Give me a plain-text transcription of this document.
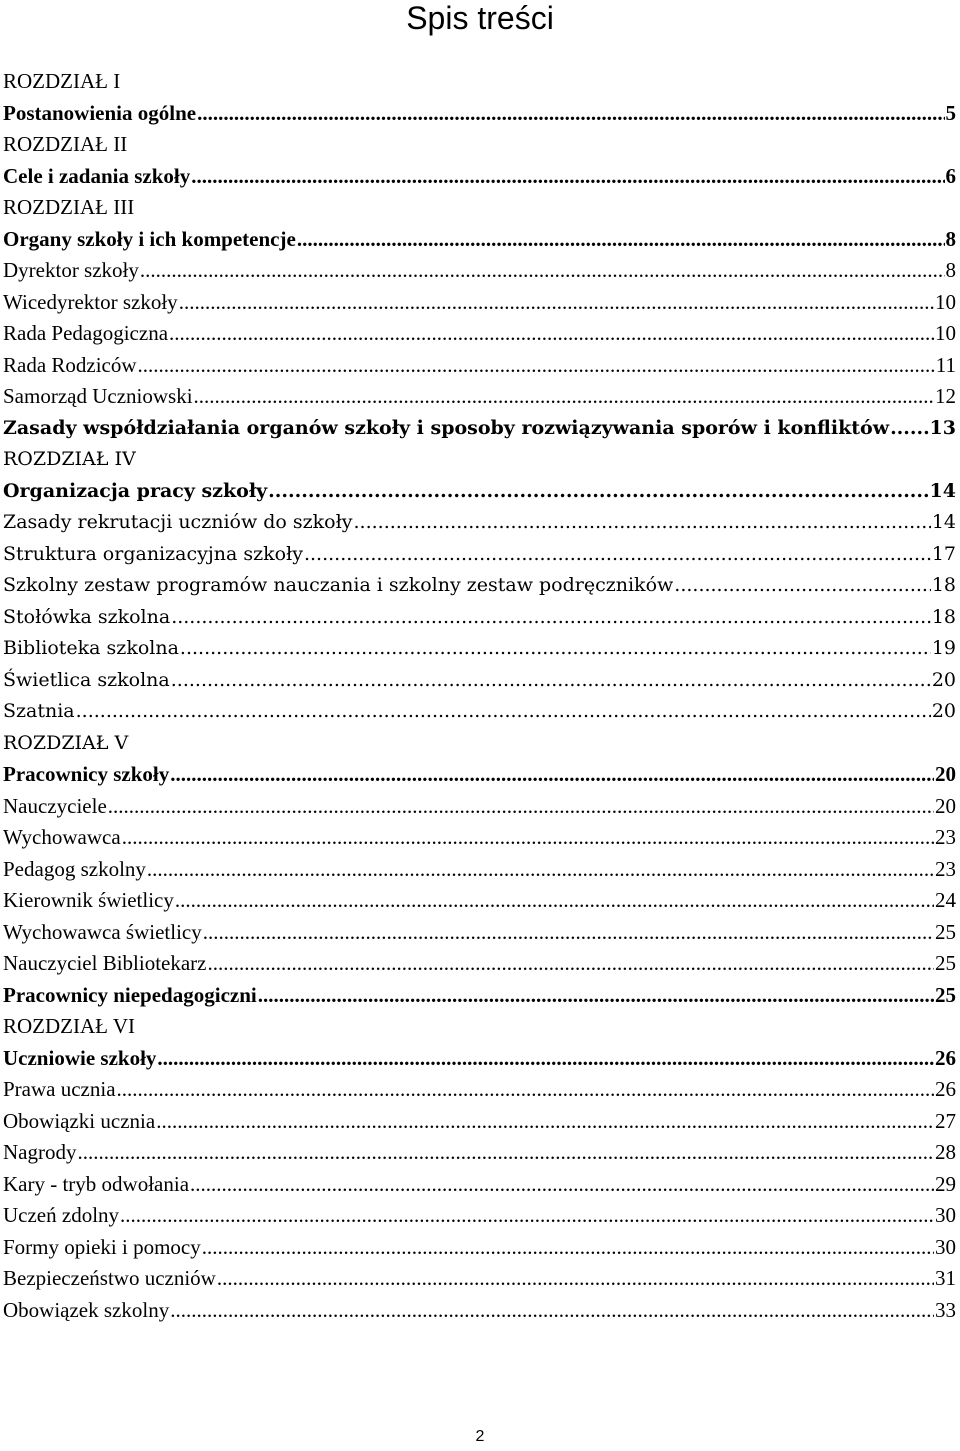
Spis treści
ROZDZIAŁ I
Postanowienia ogólne .....	5
ROZDZIAŁ II
Cele i zadania szkoły .....	6
ROZDZIAŁ III
Organy szkoły i ich kompetencje .....	8
Dyrektor szkoły .....	8
Wicedyrektor szkoły .....	10
Rada Pedagogiczna .....	10
Rada Rodziców .....	11
Samorząd Uczniowski .....	12
Zasady współdziałania organów szkoły i sposoby rozwiązywania sporów i konfliktów ..... 13
ROZDZIAŁ IV
Organizacja pracy szkoły .....	14
Zasady rekrutacji uczniów do szkoły .....	14
Struktura organizacyjna szkoły .....	17
Szkolny zestaw programów nauczania i szkolny zestaw podręczników .....	18
Stołówka szkolna .....	18
Biblioteka szkolna .....	19
Świetlica szkolna .....	20
Szatnia .....	20
ROZDZIAŁ V
Pracownicy szkoły .....	20
Nauczyciele .....	20
Wychowawca .....	23
Pedagog szkolny .....	23
Kierownik świetlicy .....	24
Wychowawca świetlicy .....	25
Nauczyciel Bibliotekarz .....	25
Pracownicy niepedagogiczni .....	25
ROZDZIAŁ VI
Uczniowie szkoły .....	26
Prawa ucznia .....	26
Obowiązki ucznia .....	27
Nagrody .....	28
Kary - tryb odwołania .....	29
Uczeń zdolny .....	30
Formy opieki i pomocy .....	30
Bezpieczeństwo uczniów .....	31
Obowiązek szkolny .....	33
2
